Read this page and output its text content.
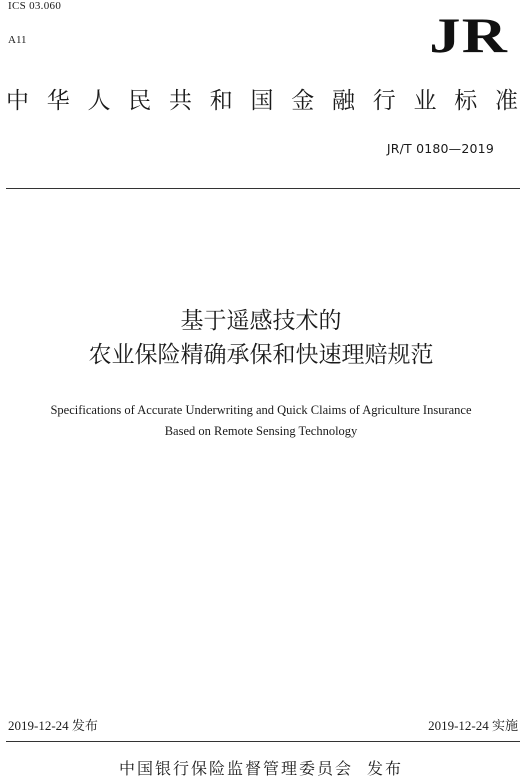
ICS 03.060
A11	JR
中 华 人 民 共 和 国 金 融 行 业 标 准
JR/T 0180—2019
基于遥感技术的
农业保险精确承保和快速理赔规范
Specifications of Accurate Underwriting and Quick Claims of Agriculture Insurance
Based on Remote Sensing Technology
2019-12-24 发布	2019-12-24 实施
中国银行保险监督管理委员会 发布
